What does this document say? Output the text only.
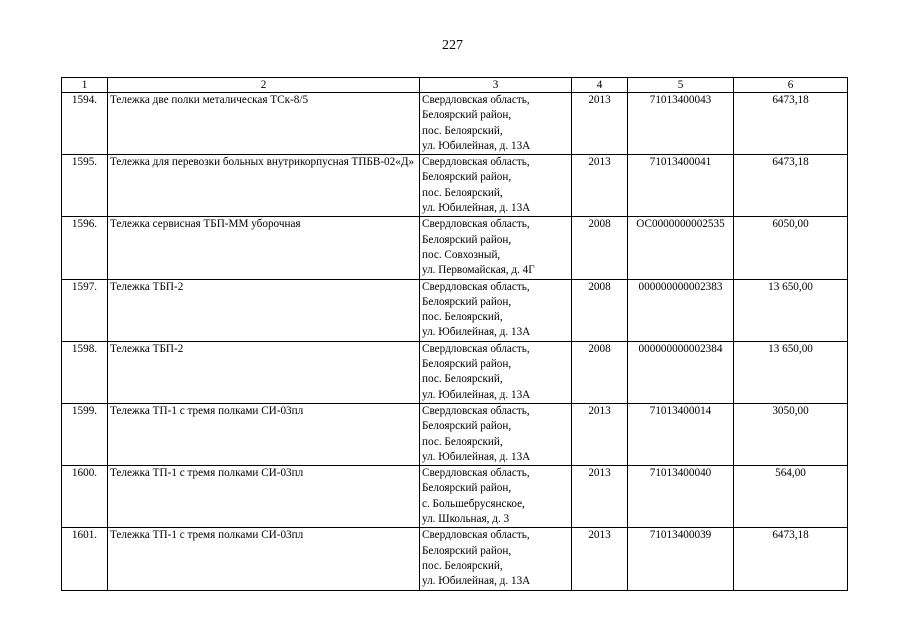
227
1	2	3	4	5	6
1594.	Тележка две полки металическая ТСк-8/5	Свердловская область,
Белоярский район,
пос. Белоярский,
ул. Юбилейная, д. 13А	2013	71013400043	6473,18
1595.	Тележка для перевозки больных внутрикорпусная ТПБВ-02«Д»	Свердловская область,
Белоярский район,
пос. Белоярский,
ул. Юбилейная, д. 13А	2013	71013400041	6473,18
1596.	Тележка сервисная ТБП-ММ уборочная	Свердловская область,
Белоярский район,
пос. Совхозный,
ул. Первомайская, д. 4Г	2008	ОС0000000002535	6050,00
1597.	Тележка ТБП-2	Свердловская область,
Белоярский район,
пос. Белоярский,
ул. Юбилейная, д. 13А	2008	000000000002383	13 650,00
1598.	Тележка ТБП-2	Свердловская область,
Белоярский район,
пос. Белоярский,
ул. Юбилейная, д. 13А	2008	000000000002384	13 650,00
1599.	Тележка ТП-1 с тремя полками СИ-03пл	Свердловская область,
Белоярский район,
пос. Белоярский,
ул. Юбилейная, д. 13А	2013	71013400014	3050,00
1600.	Тележка ТП-1 с тремя полками СИ-03пл	Свердловская область,
Белоярский район,
с. Большебрусянское,
ул. Школьная, д. 3	2013	71013400040	564,00
1601.	Тележка ТП-1 с тремя полками СИ-03пл	Свердловская область,
Белоярский район,
пос. Белоярский,
ул. Юбилейная, д. 13А	2013	71013400039	6473,18
